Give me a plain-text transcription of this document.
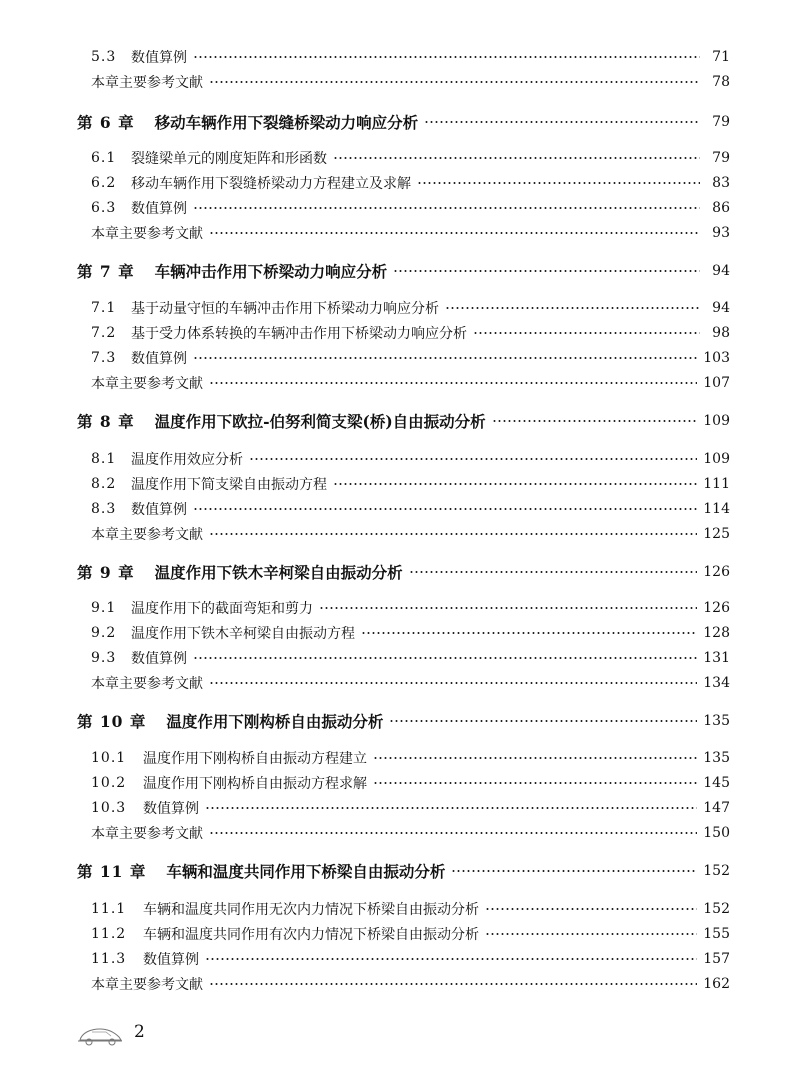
5.3	数值算例	71
本章主要参考文献	78
第 6 章 移动车辆作用下裂缝桥梁动力响应分析	79
6.1	裂缝梁单元的刚度矩阵和形函数	79
6.2	移动车辆作用下裂缝桥梁动力方程建立及求解	83
6.3	数值算例	86
本章主要参考文献	93
第 7 章 车辆冲击作用下桥梁动力响应分析	94
7.1	基于动量守恒的车辆冲击作用下桥梁动力响应分析	94
7.2	基于受力体系转换的车辆冲击作用下桥梁动力响应分析	98
7.3	数值算例	103
本章主要参考文献	107
第 8 章 温度作用下欧拉-伯努利简支梁(桥)自由振动分析	109
8.1	温度作用效应分析	109
8.2	温度作用下简支梁自由振动方程	111
8.3	数值算例	114
本章主要参考文献	125
第 9 章 温度作用下铁木辛柯梁自由振动分析	126
9.1	温度作用下的截面弯矩和剪力	126
9.2	温度作用下铁木辛柯梁自由振动方程	128
9.3	数值算例	131
本章主要参考文献	134
第 10 章 温度作用下刚构桥自由振动分析	135
10.1	温度作用下刚构桥自由振动方程建立	135
10.2	温度作用下刚构桥自由振动方程求解	145
10.3	数值算例	147
本章主要参考文献	150
第 11 章 车辆和温度共同作用下桥梁自由振动分析	152
11.1	车辆和温度共同作用无次内力情况下桥梁自由振动分析	152
11.2	车辆和温度共同作用有次内力情况下桥梁自由振动分析	155
11.3	数值算例	157
本章主要参考文献	162
2
